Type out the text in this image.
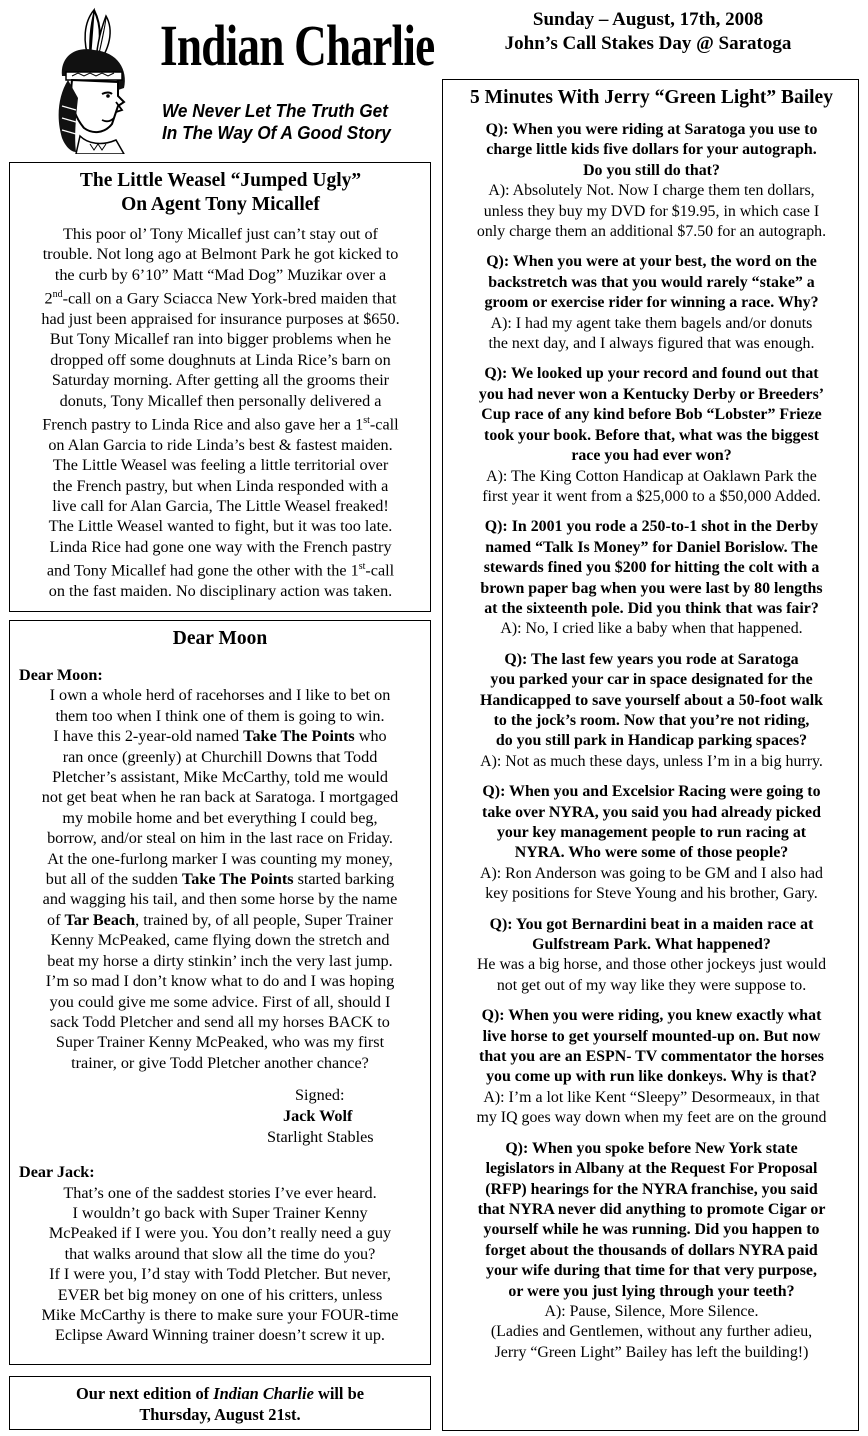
Indian Charlie
We Never Let The Truth Get
In The Way Of A Good Story
Sunday – August, 17th, 2008
John’s Call Stakes Day @ Saratoga
The Little Weasel “Jumped Ugly”
On Agent Tony Micallef
This poor ol’ Tony Micallef just can’t stay out of
trouble. Not long ago at Belmont Park he got kicked to
the curb by 6’10” Matt “Mad Dog” Muzikar over a
2nd-call on a Gary Sciacca New York-bred maiden that
had just been appraised for insurance purposes at $650.
But Tony Micallef ran into bigger problems when he
dropped off some doughnuts at Linda Rice’s barn on
Saturday morning. After getting all the grooms their
donuts, Tony Micallef then personally delivered a
French pastry to Linda Rice and also gave her a 1st-call
on Alan Garcia to ride Linda’s best & fastest maiden.
The Little Weasel was feeling a little territorial over
the French pastry, but when Linda responded with a
live call for Alan Garcia, The Little Weasel freaked!
The Little Weasel wanted to fight, but it was too late.
Linda Rice had gone one way with the French pastry
and Tony Micallef had gone the other with the 1st-call
on the fast maiden. No disciplinary action was taken.
Dear Moon
Dear Moon:
I own a whole herd of racehorses and I like to bet on
them too when I think one of them is going to win.
I have this 2-year-old named Take The Points who
ran once (greenly) at Churchill Downs that Todd
Pletcher’s assistant, Mike McCarthy, told me would
not get beat when he ran back at Saratoga. I mortgaged
my mobile home and bet everything I could beg,
borrow, and/or steal on him in the last race on Friday.
At the one-furlong marker I was counting my money,
but all of the sudden Take The Points started barking
and wagging his tail, and then some horse by the name
of Tar Beach, trained by, of all people, Super Trainer
Kenny McPeaked, came flying down the stretch and
beat my horse a dirty stinkin’ inch the very last jump.
I’m so mad I don’t know what to do and I was hoping
you could give me some advice. First of all, should I
sack Todd Pletcher and send all my horses BACK to
Super Trainer Kenny McPeaked, who was my first
trainer, or give Todd Pletcher another chance?
Signed:
Jack Wolf
Starlight Stables
Dear Jack:
That’s one of the saddest stories I’ve ever heard.
I wouldn’t go back with Super Trainer Kenny
McPeaked if I were you. You don’t really need a guy
that walks around that slow all the time do you?
If I were you, I’d stay with Todd Pletcher. But never,
EVER bet big money on one of his critters, unless
Mike McCarthy is there to make sure your FOUR-time
Eclipse Award Winning trainer doesn’t screw it up.
Our next edition of Indian Charlie will be
Thursday, August 21st.
5 Minutes With Jerry “Green Light” Bailey
Q): When you were riding at Saratoga you use to
charge little kids five dollars for your autograph.
Do you still do that?
A): Absolutely Not. Now I charge them ten dollars,
unless they buy my DVD for $19.95, in which case I
only charge them an additional $7.50 for an autograph.
Q): When you were at your best, the word on the
backstretch was that you would rarely “stake” a
groom or exercise rider for winning a race. Why?
A): I had my agent take them bagels and/or donuts
the next day, and I always figured that was enough.
Q): We looked up your record and found out that
you had never won a Kentucky Derby or Breeders’
Cup race of any kind before Bob “Lobster” Frieze
took your book. Before that, what was the biggest
race you had ever won?
A): The King Cotton Handicap at Oaklawn Park the
first year it went from a $25,000 to a $50,000 Added.
Q): In 2001 you rode a 250-to-1 shot in the Derby
named “Talk Is Money” for Daniel Borislow. The
stewards fined you $200 for hitting the colt with a
brown paper bag when you were last by 80 lengths
at the sixteenth pole. Did you think that was fair?
A): No, I cried like a baby when that happened.
Q): The last few years you rode at Saratoga
you parked your car in space designated for the
Handicapped to save yourself about a 50-foot walk
to the jock’s room. Now that you’re not riding,
do you still park in Handicap parking spaces?
A): Not as much these days, unless I’m in a big hurry.
Q): When you and Excelsior Racing were going to
take over NYRA, you said you had already picked
your key management people to run racing at
NYRA. Who were some of those people?
A): Ron Anderson was going to be GM and I also had
key positions for Steve Young and his brother, Gary.
Q): You got Bernardini beat in a maiden race at
Gulfstream Park. What happened?
He was a big horse, and those other jockeys just would
not get out of my way like they were suppose to.
Q): When you were riding, you knew exactly what
live horse to get yourself mounted-up on. But now
that you are an ESPN- TV commentator the horses
you come up with run like donkeys. Why is that?
A): I’m a lot like Kent “Sleepy” Desormeaux, in that
my IQ goes way down when my feet are on the ground
Q): When you spoke before New York state
legislators in Albany at the Request For Proposal
(RFP) hearings for the NYRA franchise, you said
that NYRA never did anything to promote Cigar or
yourself while he was running. Did you happen to
forget about the thousands of dollars NYRA paid
your wife during that time for that very purpose,
or were you just lying through your teeth?
A): Pause, Silence, More Silence.
(Ladies and Gentlemen, without any further adieu,
Jerry “Green Light” Bailey has left the building!)
